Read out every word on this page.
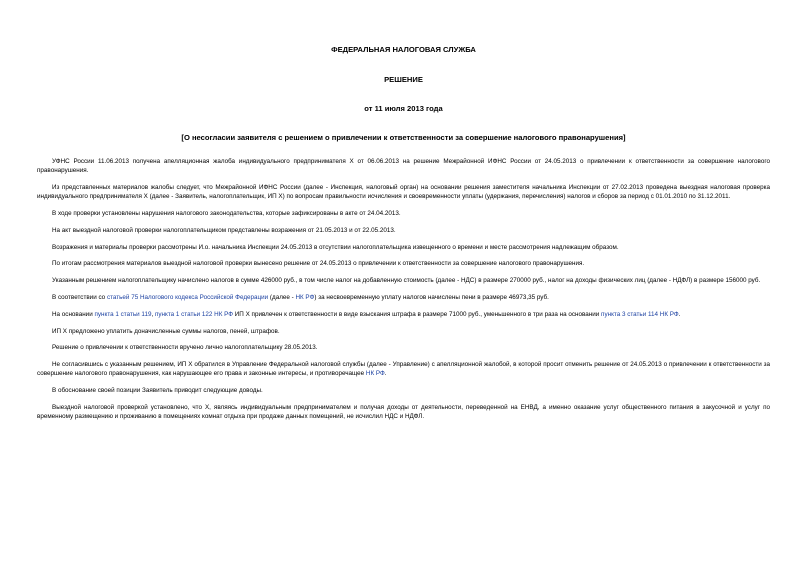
ФЕДЕРАЛЬНАЯ НАЛОГОВАЯ СЛУЖБА
РЕШЕНИЕ
от 11 июля 2013 года
[О несогласии заявителя с решением о привлечении к ответственности за совершение налогового правонарушения]

УФНС России 11.06.2013 получена апелляционная жалоба индивидуального предпринимателя Х от 06.06.2013 на решение Межрайонной ИФНС России от 24.05.2013 о привлечении к ответственности за совершение налогового правонарушения.

Из представленных материалов жалобы следует, что Межрайонной ИФНС России (далее - Инспекция, налоговый орган) на основании решения заместителя начальника Инспекции от 27.02.2013 проведена выездная налоговая проверка индивидуального предпринимателя Х (далее - Заявитель, налогоплательщик, ИП Х) по вопросам правильности исчисления и своевременности уплаты (удержания, перечисления) налогов и сборов за период с 01.01.2010 по 31.12.2011.

В ходе проверки установлены нарушения налогового законодательства, которые зафиксированы в акте от 24.04.2013.

На акт выездной налоговой проверки налогоплательщиком представлены возражения от 21.05.2013 и от 22.05.2013.

Возражения и материалы проверки рассмотрены И.о. начальника Инспекции 24.05.2013 в отсутствии налогоплательщика извещенного о времени и месте рассмотрения надлежащим образом.

По итогам рассмотрения материалов выездной налоговой проверки вынесено решение от 24.05.2013 о привлечении к ответственности за совершение налогового правонарушения.

Указанным решением налогоплательщику начислено налогов в сумме 426000 руб., в том числе налог на добавленную стоимость (далее - НДС) в размере 270000 руб., налог на доходы физических лиц (далее - НДФЛ) в размере 156000 руб.

В соответствии со статьей 75 Налогового кодекса Российской Федерации (далее - НК РФ) за несвоевременную уплату налогов начислены пени в размере 46973,35 руб.

На основании пункта 1 статьи 119, пункта 1 статьи 122 НК РФ ИП Х привлечен к ответственности в виде взыскания штрафа в размере 71000 руб., уменьшенного в три раза на основании пункта 3 статьи 114 НК РФ.

ИП Х предложено уплатить доначисленные суммы налогов, пеней, штрафов.

Решение о привлечении к ответственности вручено лично налогоплательщику 28.05.2013.

Не согласившись с указанным решением, ИП Х обратился в Управление Федеральной налоговой службы (далее - Управление) с апелляционной жалобой, в которой просит отменить решение от 24.05.2013 о привлечении к ответственности за совершение налогового правонарушения, как нарушающее его права и законные интересы, и противоречащее НК РФ.

В обоснование своей позиции Заявитель приводит следующие доводы.

Выездной налоговой проверкой установлено, что Х, являясь индивидуальным предпринимателем и получая доходы от деятельности, переведенной на ЕНВД, а именно оказание услуг общественного питания в закусочной и услуг по временному размещению и проживанию в помещениях комнат отдыха при продаже данных помещений, не исчислил НДС и НДФЛ.
